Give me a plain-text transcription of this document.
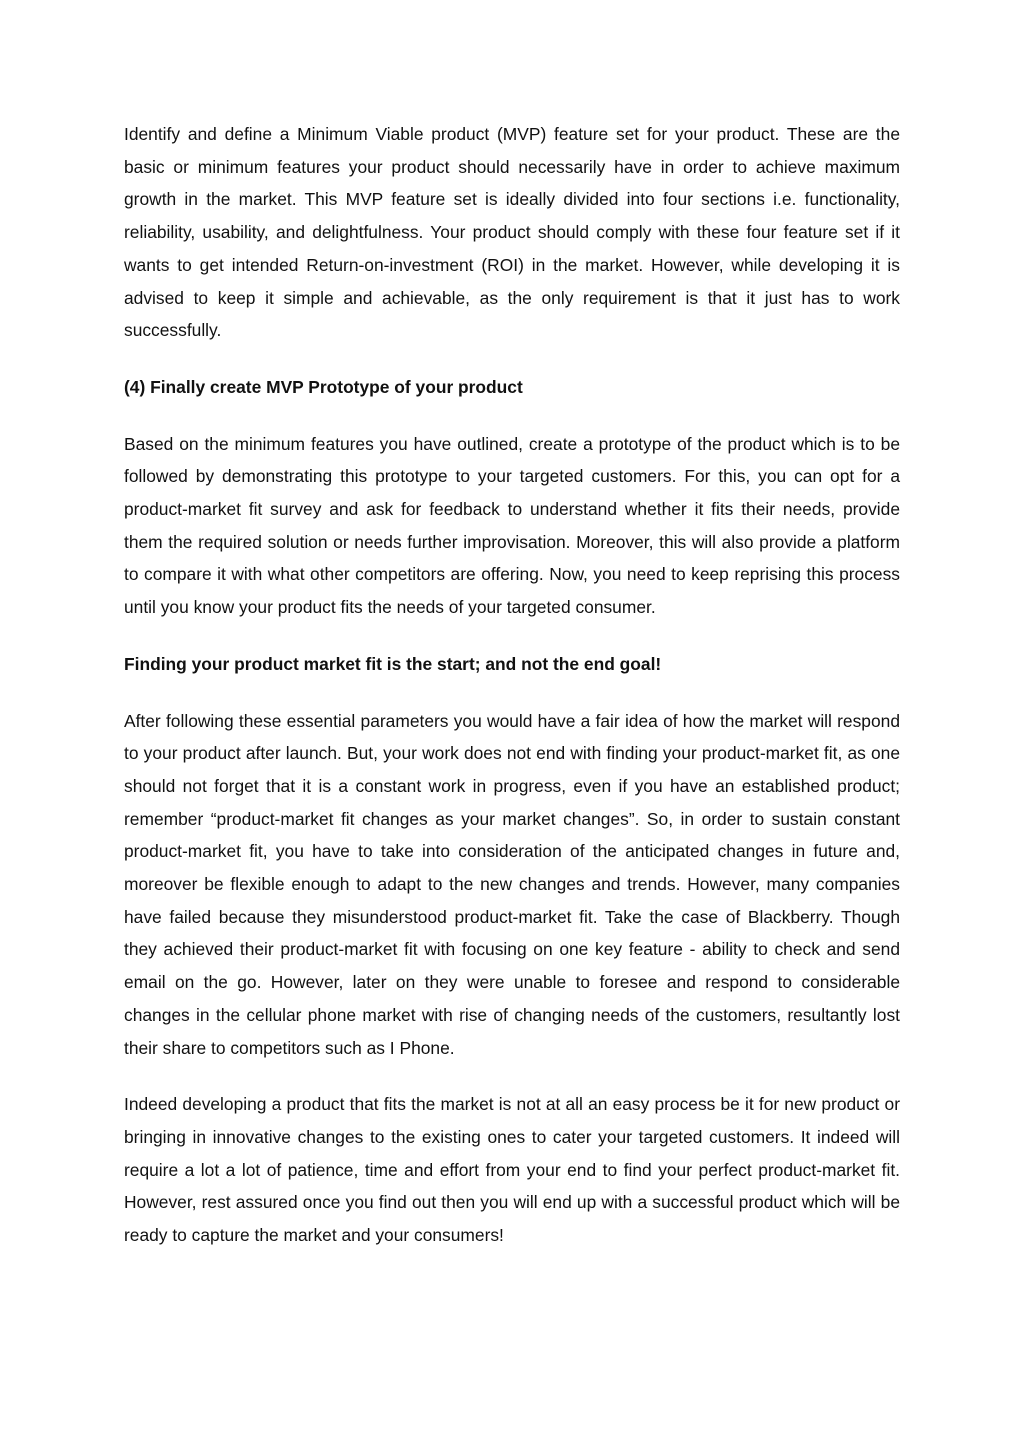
Identify and define a Minimum Viable product (MVP) feature set for your product. These are the basic or minimum features your product should necessarily have in order to achieve maximum growth in the market. This MVP feature set is ideally divided into four sections i.e. functionality, reliability, usability, and delightfulness. Your product should comply with these four feature set if it wants to get intended Return-on-investment (ROI) in the market. However, while developing it is advised to keep it simple and achievable, as the only requirement is that it just has to work successfully.

(4) Finally create MVP Prototype of your product

Based on the minimum features you have outlined, create a prototype of the product which is to be followed by demonstrating this prototype to your targeted customers. For this, you can opt for a product-market fit survey and ask for feedback to understand whether it fits their needs, provide them the required solution or needs further improvisation. Moreover, this will also provide a platform to compare it with what other competitors are offering. Now, you need to keep reprising this process until you know your product fits the needs of your targeted consumer.

Finding your product market fit is the start; and not the end goal!

After following these essential parameters you would have a fair idea of how the market will respond to your product after launch. But, your work does not end with finding your product-market fit, as one should not forget that it is a constant work in progress, even if you have an established product; remember “product-market fit changes as your market changes”. So, in order to sustain constant product-market fit, you have to take into consideration of the anticipated changes in future and, moreover be flexible enough to adapt to the new changes and trends. However, many companies have failed because they misunderstood product-market fit. Take the case of Blackberry. Though they achieved their product-market fit with focusing on one key feature - ability to check and send email on the go. However, later on they were unable to foresee and respond to considerable changes in the cellular phone market with rise of changing needs of the customers, resultantly lost their share to competitors such as I Phone.

Indeed developing a product that fits the market is not at all an easy process be it for new product or bringing in innovative changes to the existing ones to cater your targeted customers. It indeed will require a lot a lot of patience, time and effort from your end to find your perfect product-market fit. However, rest assured once you find out then you will end up with a successful product which will be ready to capture the market and your consumers!
